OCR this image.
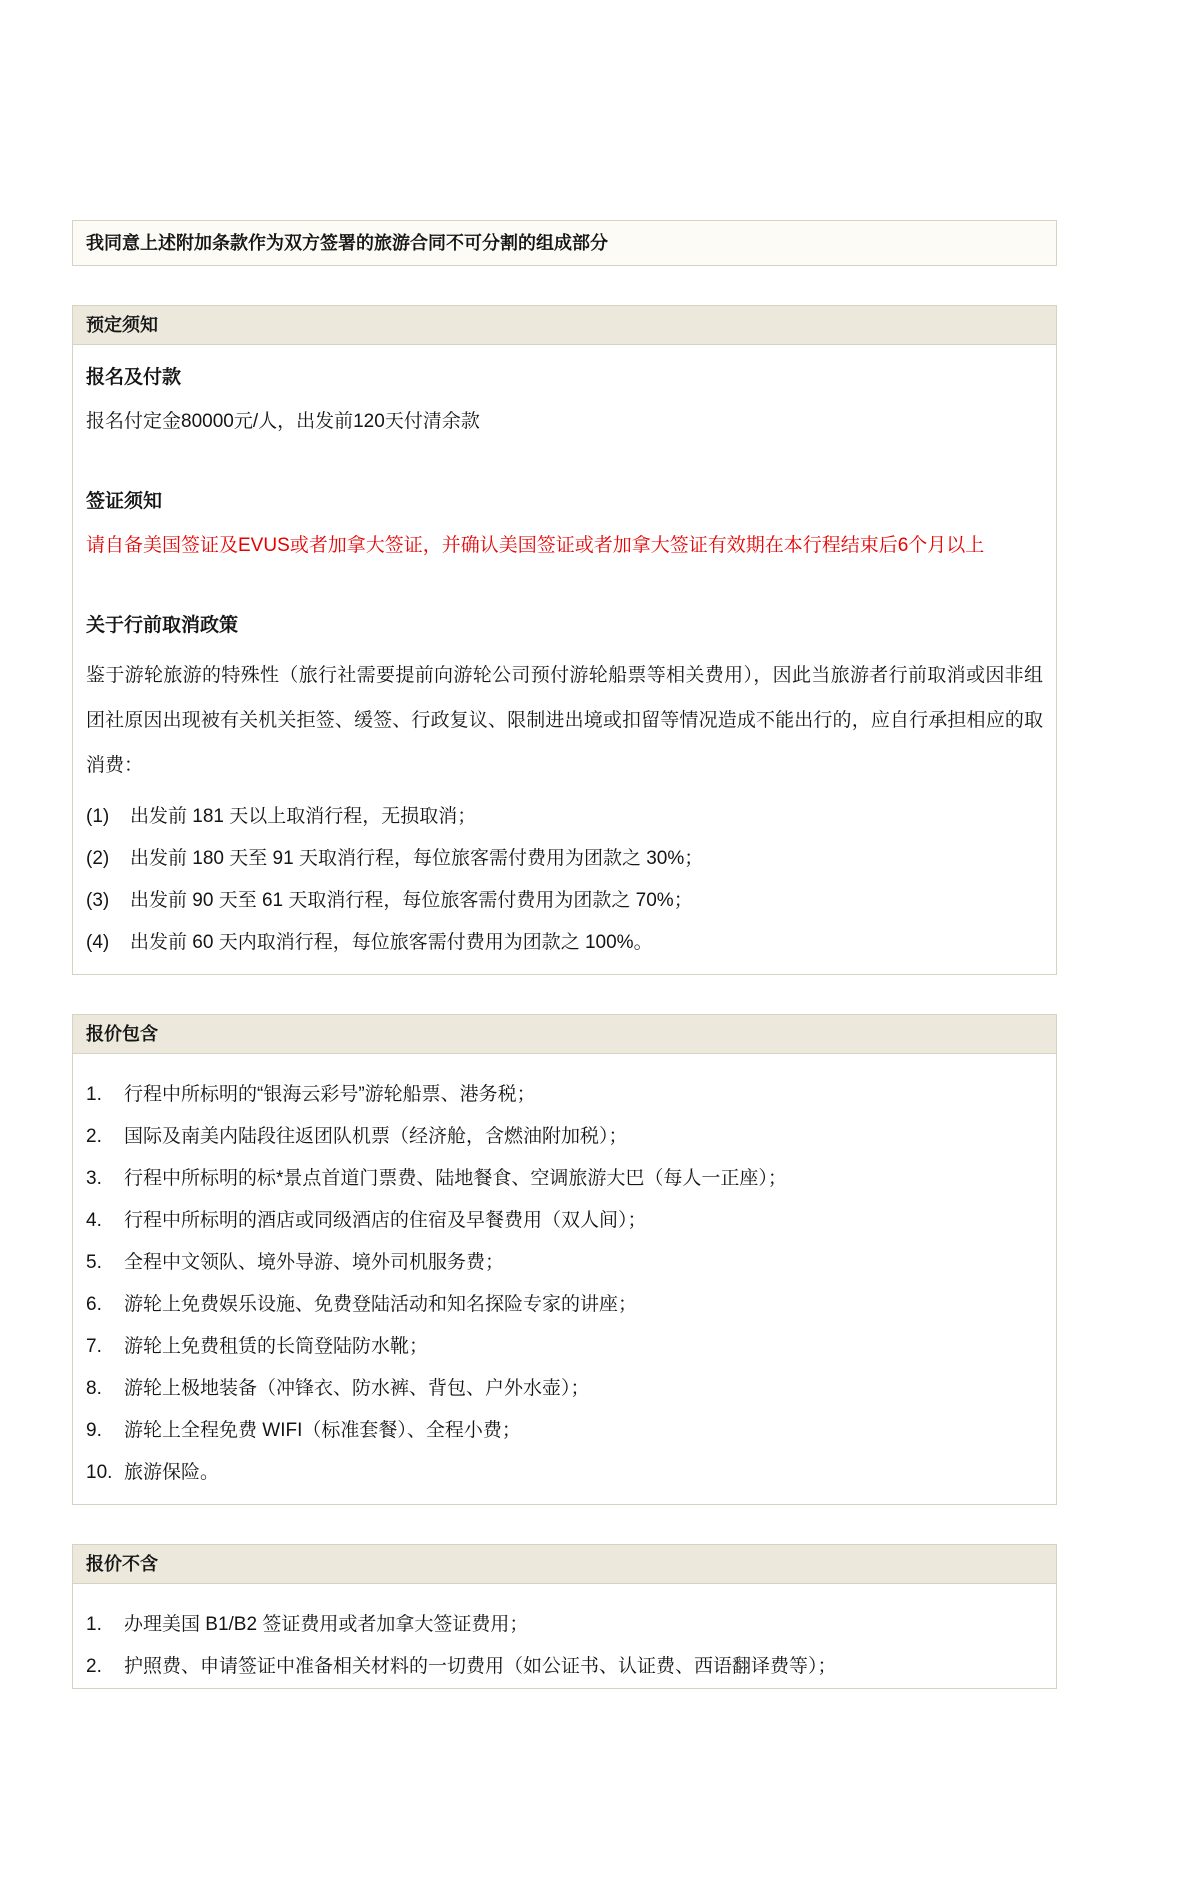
我同意上述附加条款作为双方签署的旅游合同不可分割的组成部分

预定须知

报名及付款

报名付定金80000元/人，出发前120天付清余款

签证须知

请自备美国签证及EVUS或者加拿大签证，并确认美国签证或者加拿大签证有效期在本行程结束后6个月以上

关于行前取消政策

鉴于游轮旅游的特殊性（旅行社需要提前向游轮公司预付游轮船票等相关费用），因此当旅游者行前取消或因非组团社原因出现被有关机关拒签、缓签、行政复议、限制进出境或扣留等情况造成不能出行的，应自行承担相应的取消费：

(1)	出发前 181 天以上取消行程，无损取消；
(2)	出发前 180 天至 91 天取消行程，每位旅客需付费用为团款之 30%；
(3)	出发前 90 天至 61 天取消行程，每位旅客需付费用为团款之 70%；
(4)	出发前 60 天内取消行程，每位旅客需付费用为团款之 100%。
报价包含
1.	行程中所标明的“银海云彩号”游轮船票、港务税；
2.	国际及南美内陆段往返团队机票（经济舱，含燃油附加税）；
3.	行程中所标明的标*景点首道门票费、陆地餐食、空调旅游大巴（每人一正座）；
4.	行程中所标明的酒店或同级酒店的住宿及早餐费用（双人间）；
5.	全程中文领队、境外导游、境外司机服务费；
6.	游轮上免费娱乐设施、免费登陆活动和知名探险专家的讲座；
7.	游轮上免费租赁的长筒登陆防水靴；
8.	游轮上极地装备（冲锋衣、防水裤、背包、户外水壶）；
9.	游轮上全程免费 WIFI（标准套餐）、全程小费；
10. 旅游保险。
报价不含
1.	办理美国 B1/B2 签证费用或者加拿大签证费用；
2.	护照费、申请签证中准备相关材料的一切费用（如公证书、认证费、西语翻译费等）；
